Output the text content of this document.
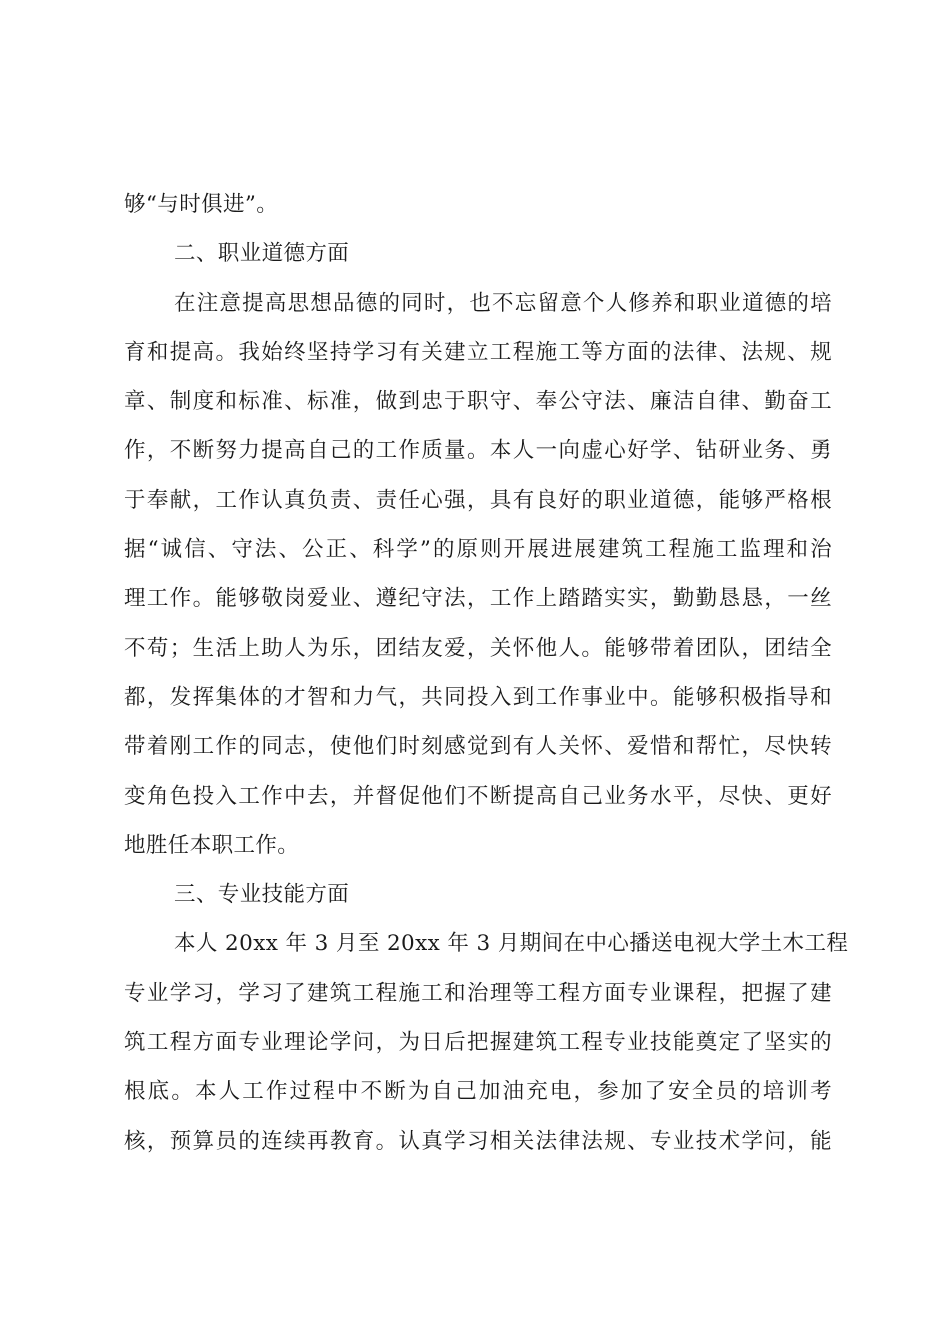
够“与时俱进”。
二、职业道德方面
在注意提高思想品德的同时，也不忘留意个人修养和职业道德的培
育和提高。我始终坚持学习有关建立工程施工等方面的法律、法规、规
章、制度和标准、标准，做到忠于职守、奉公守法、廉洁自律、勤奋工
作，不断努力提高自己的工作质量。本人一向虚心好学、钻研业务、勇
于奉献，工作认真负责、责任心强，具有良好的职业道德，能够严格根
据“诚信、守法、公正、科学”的原则开展进展建筑工程施工监理和治
理工作。能够敬岗爱业、遵纪守法，工作上踏踏实实，勤勤恳恳，一丝
不苟；生活上助人为乐，团结友爱，关怀他人。能够带着团队，团结全
都，发挥集体的才智和力气，共同投入到工作事业中。能够积极指导和
带着刚工作的同志，使他们时刻感觉到有人关怀、爱惜和帮忙，尽快转
变角色投入工作中去，并督促他们不断提高自己业务水平，尽快、更好
地胜任本职工作。
三、专业技能方面
本人 20xx 年 3 月至 20xx 年 3 月期间在中心播送电视大学土木工程
专业学习，学习了建筑工程施工和治理等工程方面专业课程，把握了建
筑工程方面专业理论学问，为日后把握建筑工程专业技能奠定了坚实的
根底。本人工作过程中不断为自己加油充电，参加了安全员的培训考
核，预算员的连续再教育。认真学习相关法律法规、专业技术学问，能
